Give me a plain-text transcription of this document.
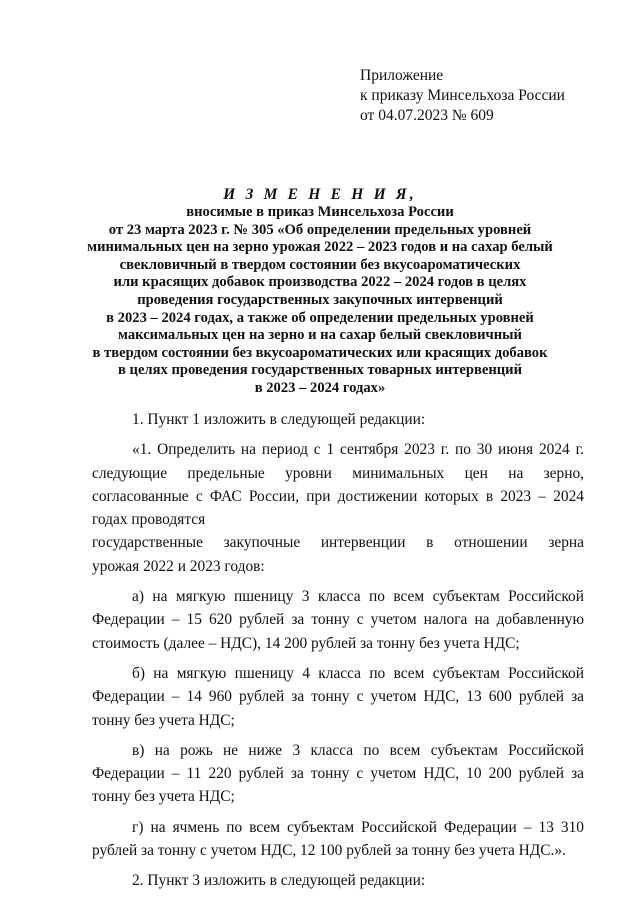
Приложение
к приказу Минсельхоза России
от 04.07.2023 № 609
И З М Е Н Е Н И Я,
вносимые в приказ Минсельхоза России
от 23 марта 2023 г. № 305 «Об определении предельных уровней
минимальных цен на зерно урожая 2022 – 2023 годов и на сахар белый
свекловичный в твердом состоянии без вкусоароматических
или красящих добавок производства 2022 – 2024 годов в целях
проведения государственных закупочных интервенций
в 2023 – 2024 годах, а также об определении предельных уровней
максимальных цен на зерно и на сахар белый свекловичный
в твердом состоянии без вкусоароматических или красящих добавок
в целях проведения государственных товарных интервенций
в 2023 – 2024 годах»

1. Пункт 1 изложить в следующей редакции:

«1. Определить на период с 1 сентября 2023 г. по 30 июня 2024 г. следующие предельные уровни минимальных цен на зерно, согласованные с ФАС России, при достижении которых в 2023 – 2024 годах проводятся
государственные закупочные интервенции в отношении зерна
урожая 2022 и 2023 годов:

а) на мягкую пшеницу 3 класса по всем субъектам Российской Федерации – 15 620 рублей за тонну с учетом налога на добавленную стоимость (далее – НДС), 14 200 рублей за тонну без учета НДС;

б) на мягкую пшеницу 4 класса по всем субъектам Российской Федерации – 14 960 рублей за тонну с учетом НДС, 13 600 рублей за тонну без учета НДС;

в) на рожь не ниже 3 класса по всем субъектам Российской Федерации – 11 220 рублей за тонну с учетом НДС, 10 200 рублей за тонну без учета НДС;

г) на ячмень по всем субъектам Российской Федерации – 13 310 рублей за тонну с учетом НДС, 12 100 рублей за тонну без учета НДС.».

2. Пункт 3 изложить в следующей редакции:
